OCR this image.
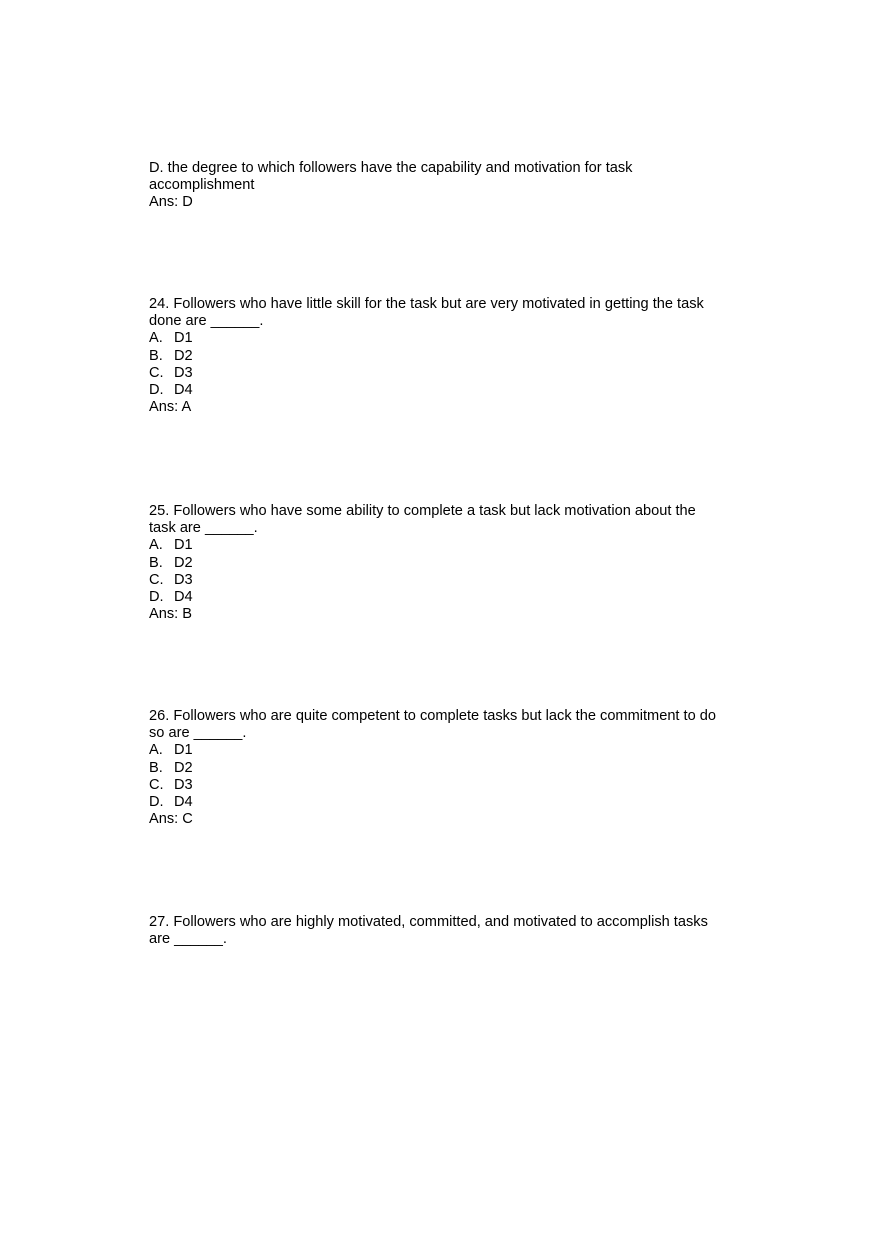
D. the degree to which followers have the capability and motivation for task
accomplishment
Ans: D
24. Followers who have little skill for the task but are very motivated in getting the task
done are ______.
A. D1
B. D2
C. D3
D. D4
Ans: A
25. Followers who have some ability to complete a task but lack motivation about the
task are ______.
A. D1
B. D2
C. D3
D. D4
Ans: B
26. Followers who are quite competent to complete tasks but lack the commitment to do
so are ______.
A. D1
B. D2
C. D3
D. D4
Ans: C
27. Followers who are highly motivated, committed, and motivated to accomplish tasks
are ______.
